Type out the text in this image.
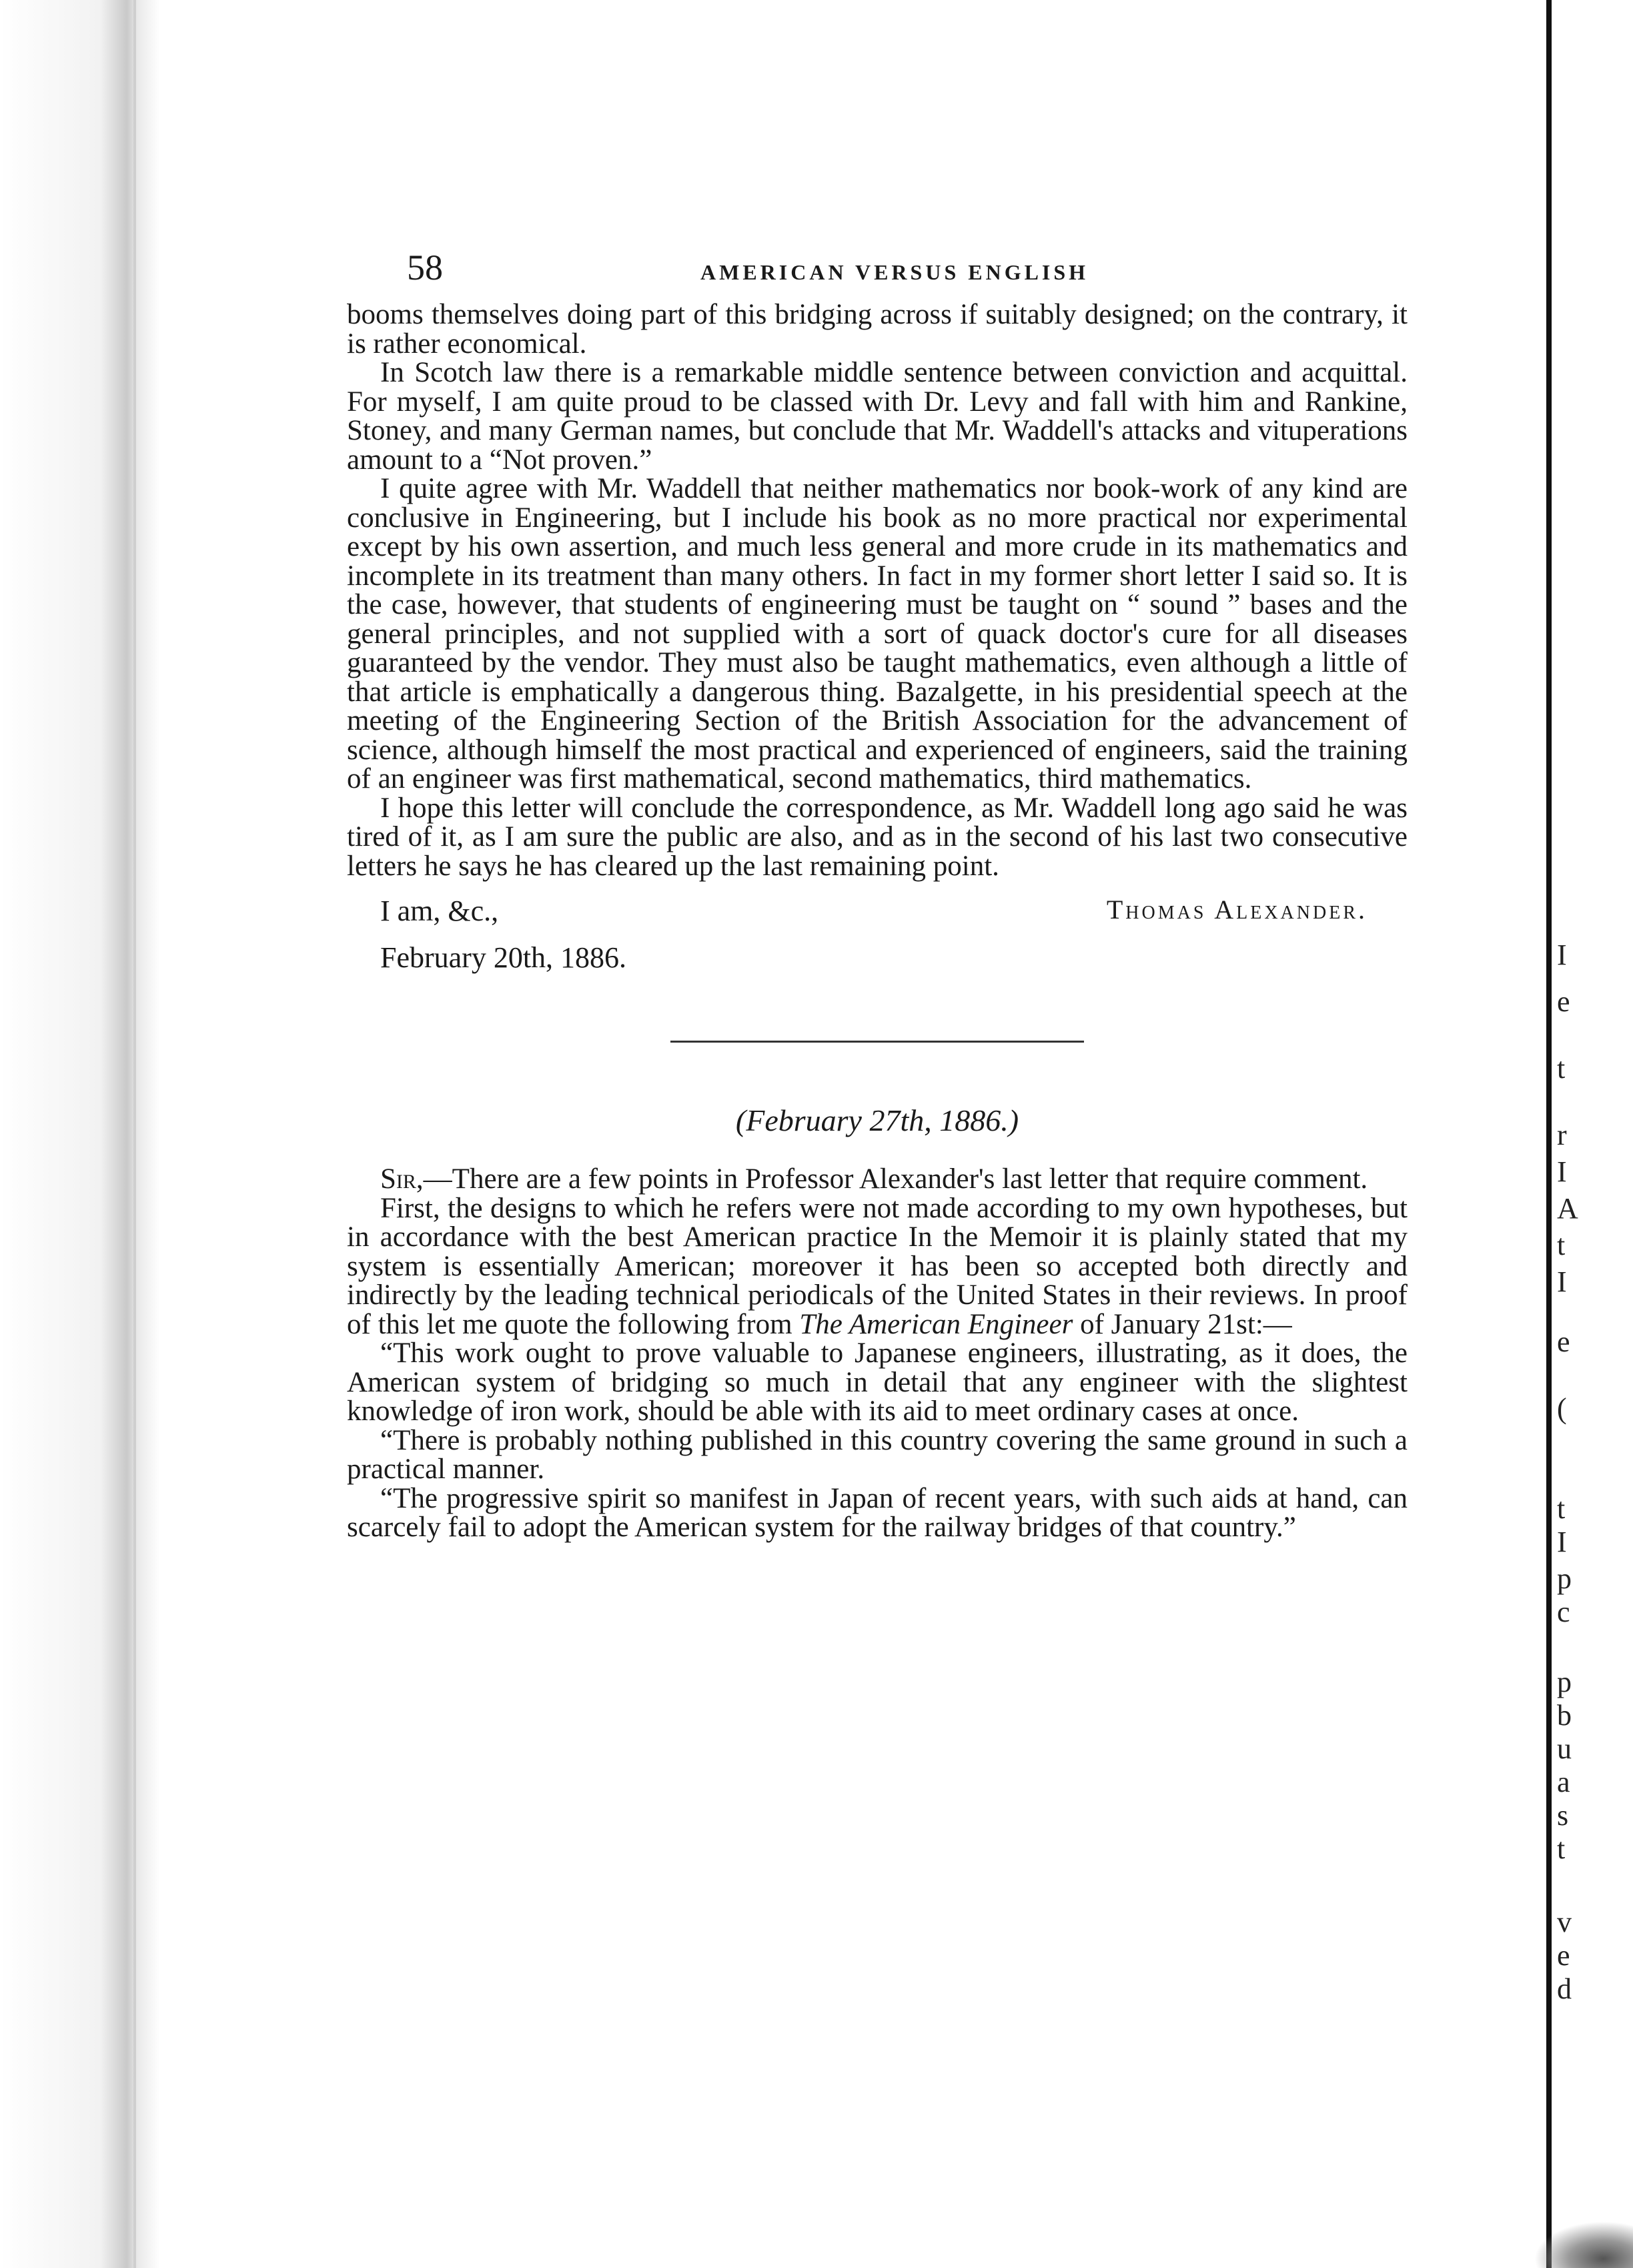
58	AMERICAN VERSUS ENGLISH

booms themselves doing part of this bridging across if suitably designed; on the contrary, it is rather economical.

In Scotch law there is a remarkable middle sentence between conviction and acquittal. For myself, I am quite proud to be classed with Dr. Levy and fall with him and Rankine, Stoney, and many German names, but conclude that Mr. Waddell's attacks and vituperations amount to a “Not proven.”

I quite agree with Mr. Waddell that neither mathematics nor book-work of any kind are conclusive in Engineering, but I include his book as no more practical nor experimental except by his own assertion, and much less general and more crude in its mathematics and incomplete in its treatment than many others. In fact in my former short letter I said so. It is the case, however, that students of engineering must be taught on “ sound ” bases and the general principles, and not supplied with a sort of quack doctor's cure for all diseases guaranteed by the vendor. They must also be taught mathematics, even although a little of that article is emphatically a dangerous thing. Bazalgette, in his presidential speech at the meeting of the Engineering Section of the British Association for the advancement of science, although himself the most practical and experienced of engineers, said the training of an engineer was first mathematical, second mathematics, third mathematics.

I hope this letter will conclude the correspondence, as Mr. Waddell long ago said he was tired of it, as I am sure the public are also, and as in the second of his last two consecutive letters he says he has cleared up the last remaining point.

I am, &c.,	Thomas Alexander.
February 20th, 1886.
(February 27th, 1886.)

Sir,—There are a few points in Professor Alexander's last letter that require comment.

First, the designs to which he refers were not made according to my own hypotheses, but in accordance with the best American practice In the Memoir it is plainly stated that my system is essentially American; moreover it has been so accepted both directly and indirectly by the leading technical periodicals of the United States in their reviews. In proof of this let me quote the following from The American Engineer of January 21st:—

“This work ought to prove valuable to Japanese engineers, illustrating, as it does, the American system of bridging so much in detail that any engineer with the slightest knowledge of iron work, should be able with its aid to meet ordinary cases at once.

“There is probably nothing published in this country covering the same ground in such a practical manner.

“The progressive spirit so manifest in Japan of recent years, with such aids at hand, can scarcely fail to adopt the American system for the railway bridges of that country.”

I
e
t
r
I
A
t
I
e
(
t
I
p
c
p
b
u
a
s
t
v
e
d
